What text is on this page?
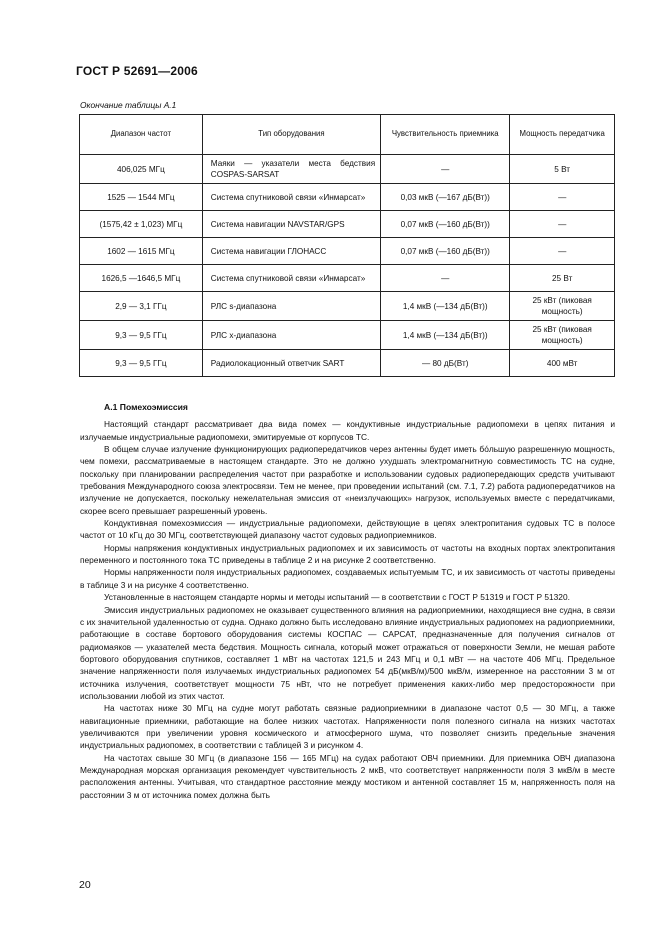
ГОСТ Р 52691—2006
Окончание таблицы А.1
Диапазон частот	Тип оборудования	Чувствительность приемника	Мощность передатчика
406,025 МГц	Маяки — указатели места бедствия COSPAS-SARSAT	—	5 Вт
1525 — 1544 МГц	Система спутниковой связи «Инмарсат»	0,03 мкВ (—167 дБ(Вт))	—
(1575,42 ± 1,023) МГц	Система навигации NAVSTAR/GPS	0,07 мкВ (—160 дБ(Вт))	—
1602 — 1615 МГц	Система навигации ГЛОНАСС	0,07 мкВ (—160 дБ(Вт))	—
1626,5 —1646,5 МГц	Система спутниковой связи «Инмарсат»	—	25 Вт
2,9 — 3,1 ГГц	РЛС s-диапазона	1,4 мкВ (—134 дБ(Вт))	25 кВт (пиковая мощность)
9,3 — 9,5 ГГц	РЛС x-диапазона	1,4 мкВ (—134 дБ(Вт))	25 кВт (пиковая мощность)
9,3 — 9,5 ГГц	Радиолокационный ответчик SART	— 80 дБ(Вт)	400 мВт
А.1 Помехоэмиссия

Настоящий стандарт рассматривает два вида помех — кондуктивные индустриальные радиопомехи в цепях питания и излучаемые индустриальные радиопомехи, эмитируемые от корпусов ТС.

В общем случае излучение функционирующих радиопередатчиков через антенны будет иметь бо́льшую разрешенную мощность, чем помехи, рассматриваемые в настоящем стандарте. Это не должно ухудшать электромагнитную совместимость ТС на судне, поскольку при планировании распределения частот при разработке и использовании судовых радиопередающих средств учитывают требования Международного союза электросвязи. Тем не менее, при проведении испытаний (см. 7.1, 7.2) работа радиопередатчиков на излучение не допускается, поскольку нежелательная эмиссия от «неизлучающих» нагрузок, используемых вместе с передатчиками, скорее всего превышает разрешенный уровень.

Кондуктивная помехоэмиссия — индустриальные радиопомехи, действующие в цепях электропитания судовых ТС в полосе частот от 10 кГц до 30 МГц, соответствующей диапазону частот судовых радиоприемников.

Нормы напряжения кондуктивных индустриальных радиопомех и их зависимость от частоты на входных портах электропитания переменного и постоянного тока ТС приведены в таблице 2 и на рисунке 2 соответственно.

Нормы напряженности поля индустриальных радиопомех, создаваемых испытуемым ТС, и их зависимость от частоты приведены в таблице 3 и на рисунке 4 соответственно.

Установленные в настоящем стандарте нормы и методы испытаний — в соответствии с ГОСТ Р 51319 и ГОСТ Р 51320.

Эмиссия индустриальных радиопомех не оказывает существенного влияния на радиоприемники, находящиеся вне судна, в связи с их значительной удаленностью от судна. Однако должно быть исследовано влияние индустриальных радиопомех на радиоприемники, работающие в составе бортового оборудования системы КОСПАС — САРСАТ, предназначенные для получения сигналов от радиомаяков — указателей места бедствия. Мощность сигнала, который может отражаться от поверхности Земли, не мешая работе бортового оборудования спутников, составляет 1 мВт на частотах 121,5 и 243 МГц и 0,1 мВт — на частоте 406 МГц. Предельное значение напряженности поля излучаемых индустриальных радиопомех 54 дБ(мкВ/м)/500 мкВ/м, измеренное на расстоянии 3 м от источника излучения, соответствует мощности 75 нВт, что не потребует применения каких-либо мер предосторожности при использовании любой из этих частот.

На частотах ниже 30 МГц на судне могут работать связные радиоприемники в диапазоне частот 0,5 — 30 МГц, а также навигационные приемники, работающие на более низких частотах. Напряженности поля полезного сигнала на низких частотах увеличиваются при увеличении уровня космического и атмосферного шума, что позволяет снизить предельные значения индустриальных радиопомех, в соответствии с таблицей 3 и рисунком 4.

На частотах свыше 30 МГц (в диапазоне 156 — 165 МГц) на судах работают ОВЧ приемники. Для приемника ОВЧ диапазона Международная морская организация рекомендует чувствительность 2 мкВ, что соответствует напряженности поля 3 мкВ/м в месте расположения антенны. Учитывая, что стандартное расстояние между мостиком и антенной составляет 15 м, напряженность поля на расстоянии 3 м от источника помех должна быть

20
